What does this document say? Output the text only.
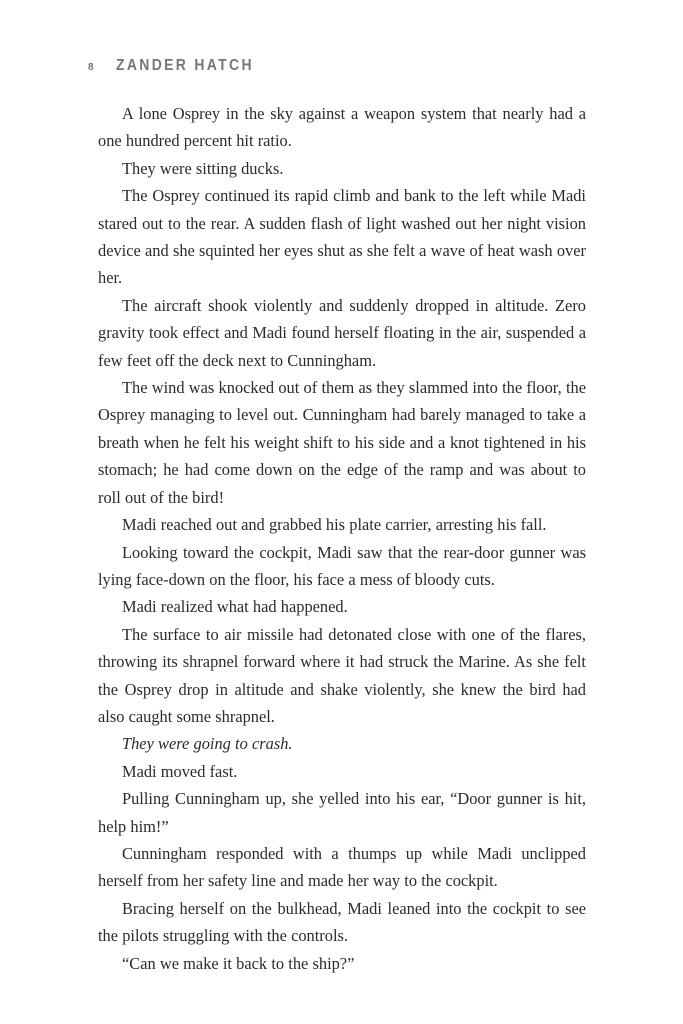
8 ZANDER HATCH

A lone Osprey in the sky against a weapon system that nearly had a one hundred percent hit ratio.

They were sitting ducks.

The Osprey continued its rapid climb and bank to the left while Madi stared out to the rear. A sudden flash of light washed out her night vision device and she squinted her eyes shut as she felt a wave of heat wash over her.

The aircraft shook violently and suddenly dropped in altitude. Zero gravity took effect and Madi found herself floating in the air, suspended a few feet off the deck next to Cunningham.

The wind was knocked out of them as they slammed into the floor, the Osprey managing to level out. Cunningham had barely managed to take a breath when he felt his weight shift to his side and a knot tightened in his stomach; he had come down on the edge of the ramp and was about to roll out of the bird!

Madi reached out and grabbed his plate carrier, arresting his fall.

Looking toward the cockpit, Madi saw that the rear-door gunner was lying face-down on the floor, his face a mess of bloody cuts.

Madi realized what had happened.

The surface to air missile had detonated close with one of the flares, throwing its shrapnel forward where it had struck the Marine. As she felt the Osprey drop in altitude and shake violently, she knew the bird had also caught some shrapnel.

They were going to crash.

Madi moved fast.

Pulling Cunningham up, she yelled into his ear, “Door gunner is hit, help him!”

Cunningham responded with a thumps up while Madi unclipped herself from her safety line and made her way to the cockpit.

Bracing herself on the bulkhead, Madi leaned into the cockpit to see the pilots struggling with the controls.

“Can we make it back to the ship?”
